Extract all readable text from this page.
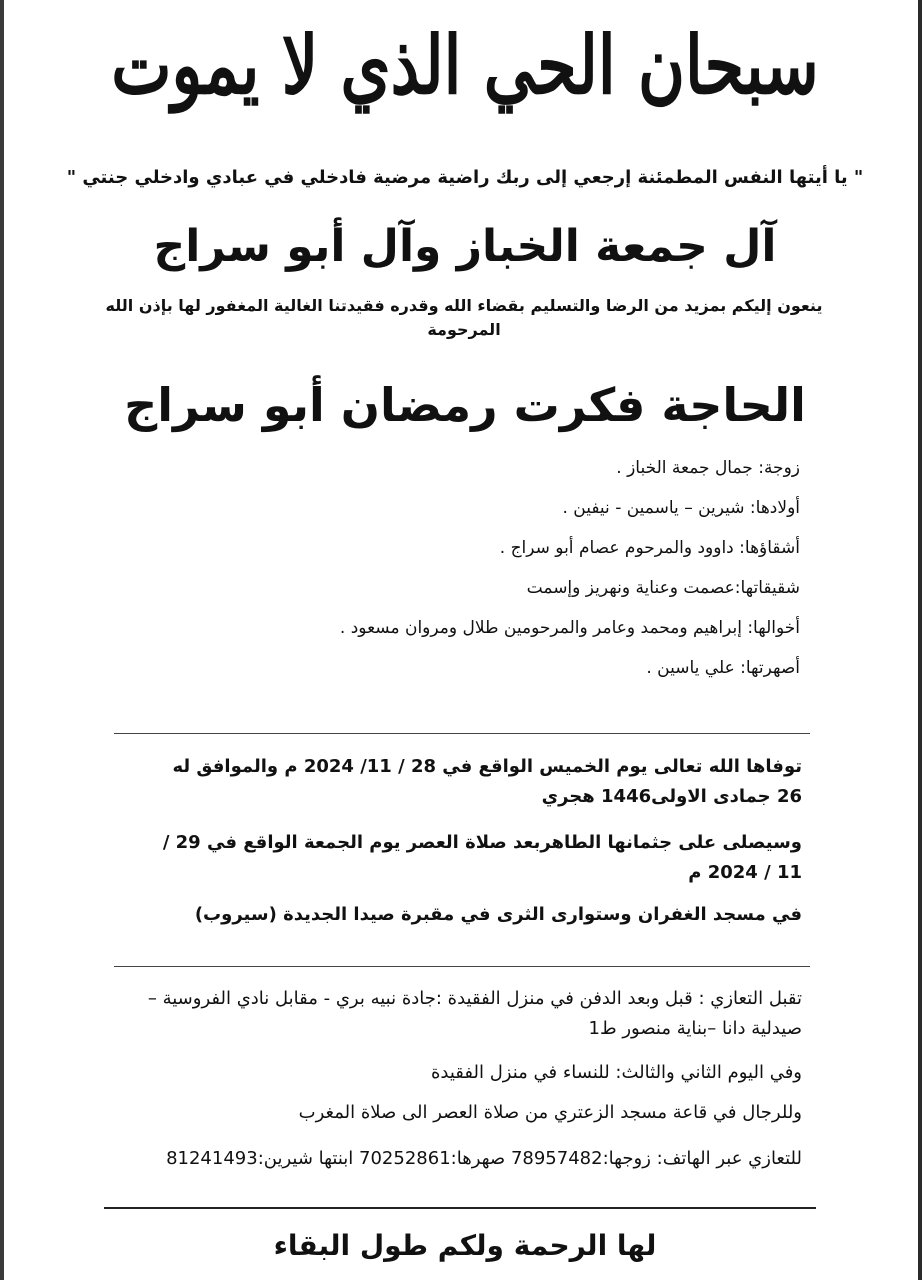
سبحان الحي الذي لا يموت
" يا أيتها النفس المطمئنة إرجعي إلى ربك راضية مرضية فادخلي في عبادي وادخلي جنتي "
آل جمعة الخباز وآل أبو سراج
ينعون إليكم بمزيد من الرضا والتسليم بقضاء الله وقدره فقيدتنا الغالية المغفور لها بإذن الله المرحومة
الحاجة فكرت رمضان أبو سراج
زوجة: جمال جمعة الخباز .
أولادها: شيرين – ياسمين - نيفين .
أشقاؤها: داوود والمرحوم عصام أبو سراج .
شقيقاتها:عصمت وعناية ونهريز وإسمت
أخوالها: إبراهيم ومحمد وعامر والمرحومين طلال ومروان مسعود .
أصهرتها: علي ياسين .

توفاها الله تعالى يوم الخميس الواقع في 28 / 11/ 2024 م والموافق له 26 جمادى الاولى1446 هجري

وسيصلى على جثمانها الطاهربعد صلاة العصر يوم الجمعة الواقع في 29 / 11 / 2024 م

في مسجد الغفران وستوارى الثرى في مقبرة صيدا الجديدة (سيروب)

تقبل التعازي : قبل وبعد الدفن في منزل الفقيدة :جادة نبيه بري - مقابل نادي الفروسية – صيدلية دانا –بناية منصور ط1

وفي اليوم الثاني والثالث: للنساء في منزل الفقيدة

وللرجال في قاعة مسجد الزعتري من صلاة العصر الى صلاة المغرب

للتعازي عبر الهاتف: زوجها:78957482 صهرها:70252861 ابنتها شيرين:81241493

لها الرحمة ولكم طول البقاء
